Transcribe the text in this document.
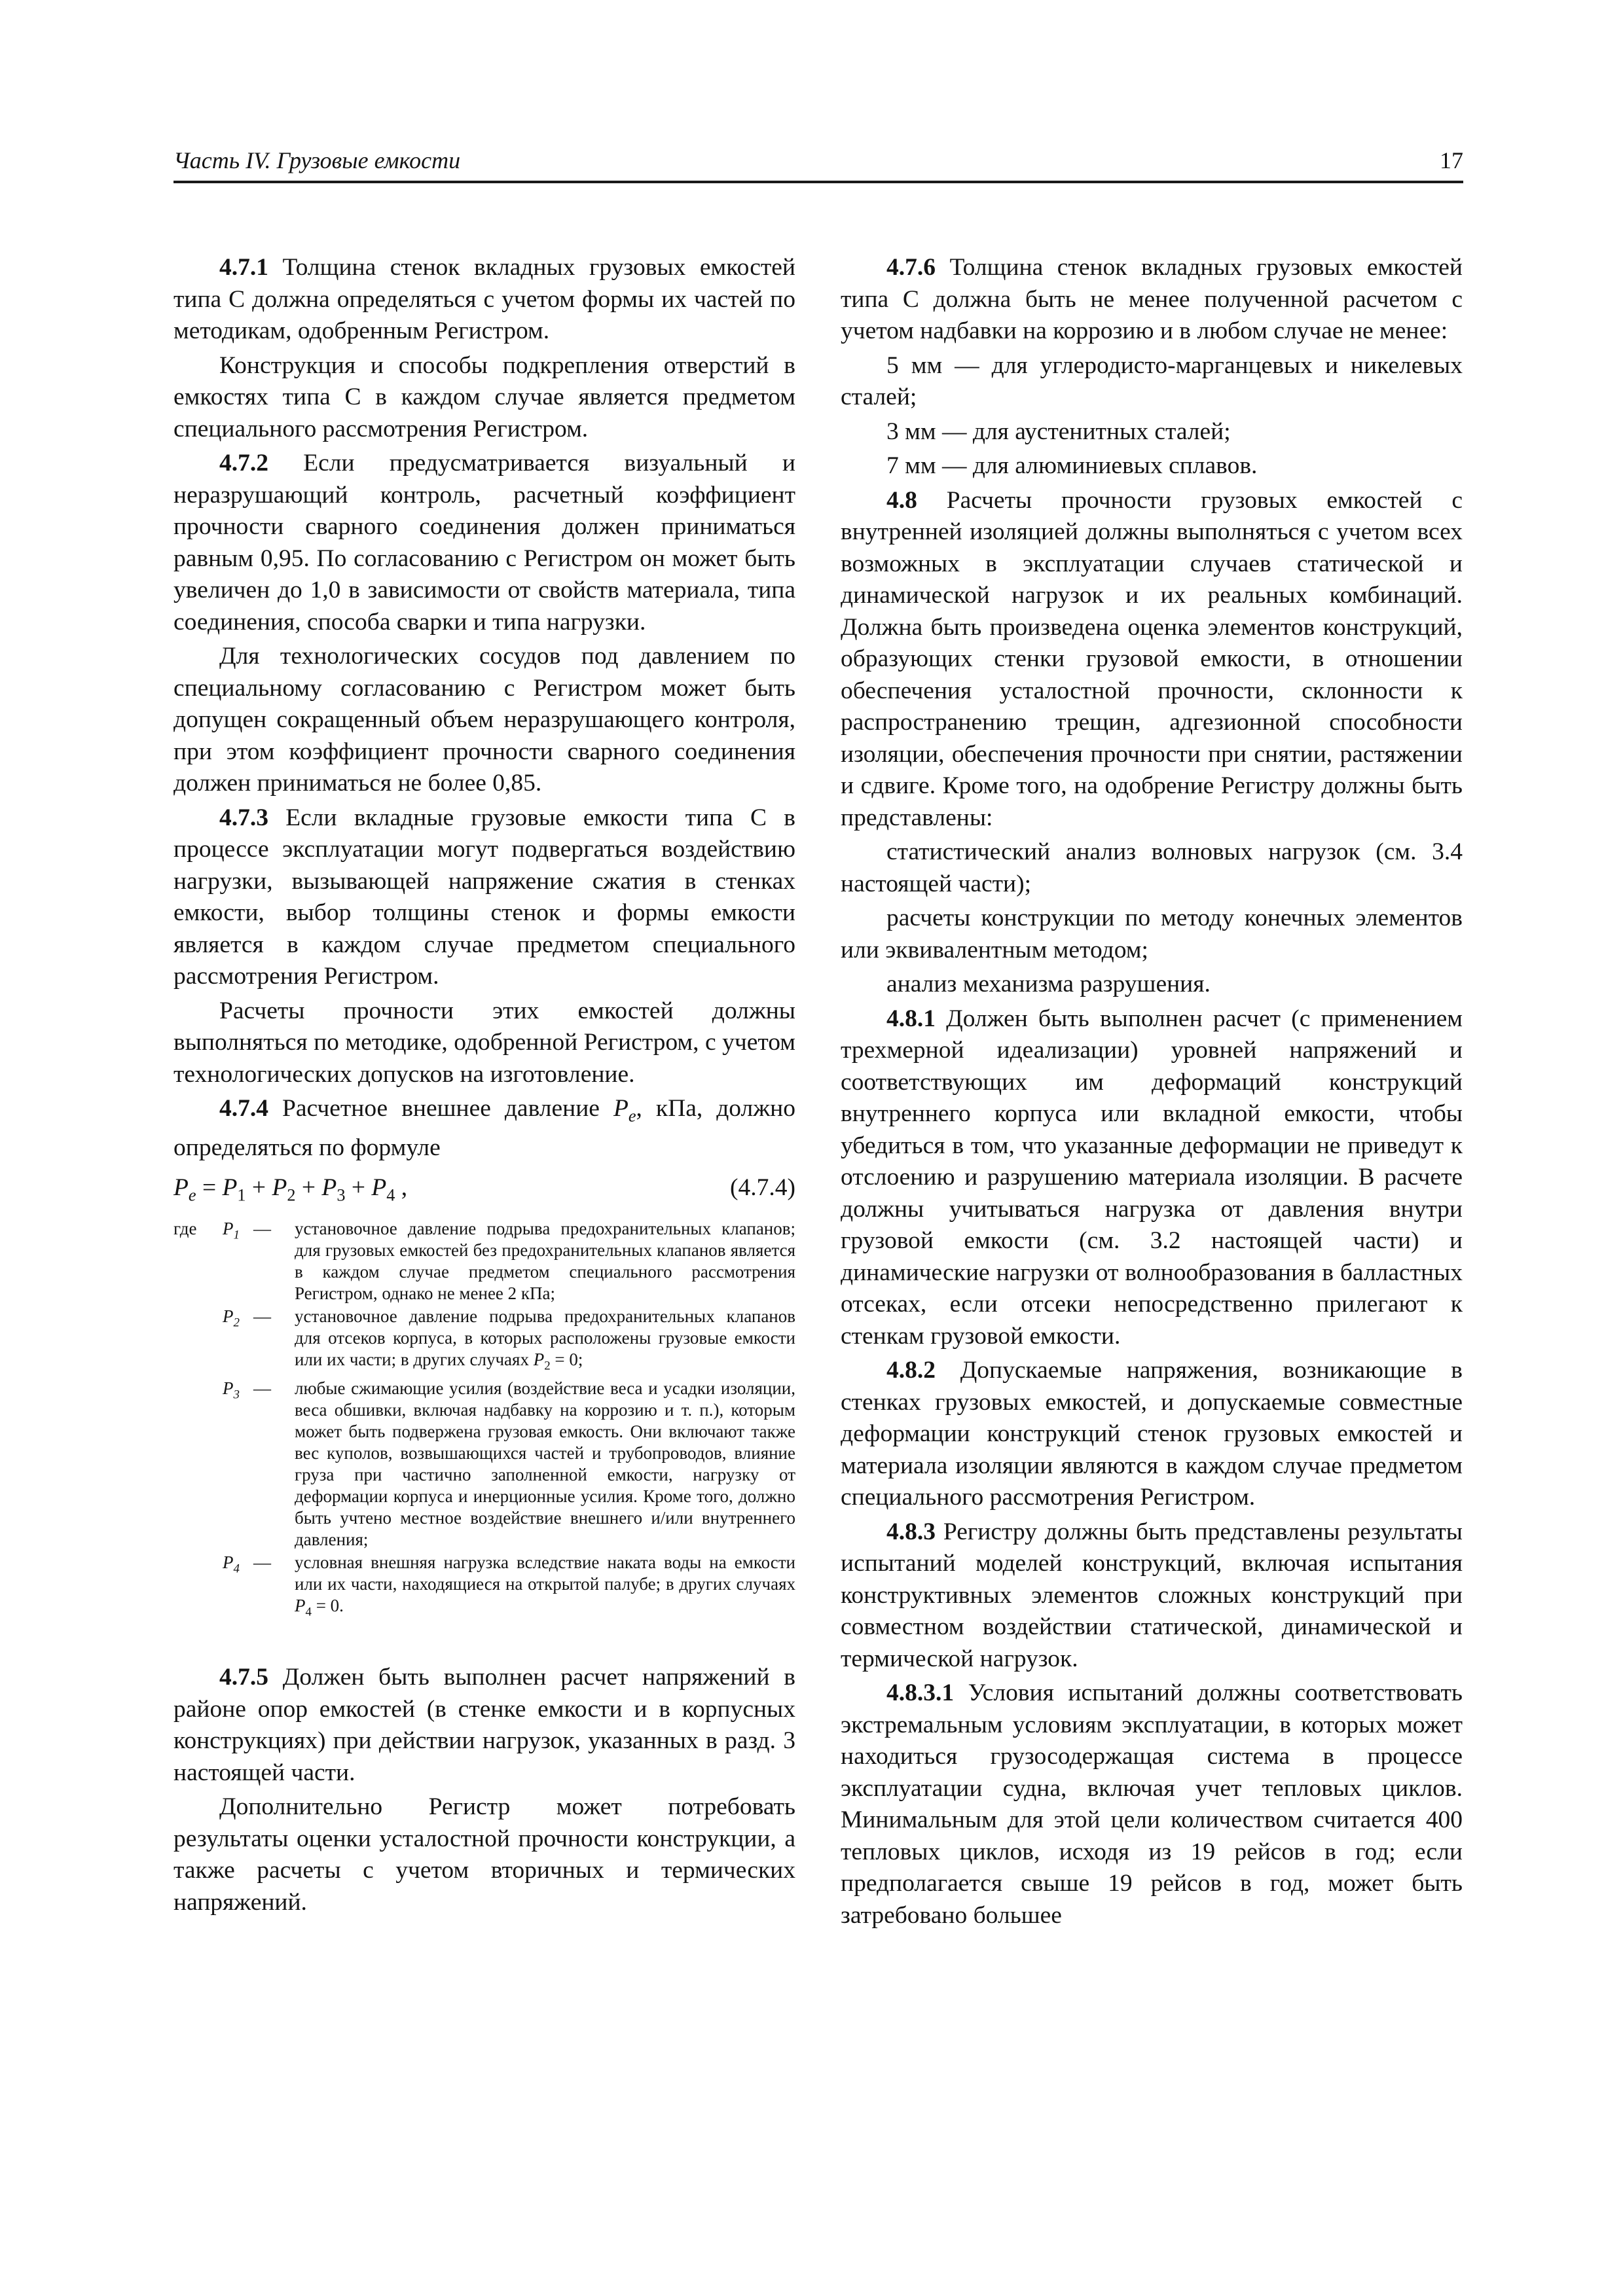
Часть IV. Грузовые емкости	17

4.7.1 Толщина стенок вкладных грузовых емкостей типа C должна определяться с учетом формы их частей по методикам, одобренным Регистром.

Конструкция и способы подкрепления отверстий в емкостях типа C в каждом случае является предметом специального рассмотрения Регистром.

4.7.2 Если предусматривается визуальный и неразрушающий контроль, расчетный коэффициент прочности сварного соединения должен приниматься равным 0,95. По согласованию с Регистром он может быть увеличен до 1,0 в зависимости от свойств материала, типа соединения, способа сварки и типа нагрузки.

Для технологических сосудов под давлением по специальному согласованию с Регистром может быть допущен сокращенный объем неразрушающего контроля, при этом коэффициент прочности сварного соединения должен приниматься не более 0,85.

4.7.3 Если вкладные грузовые емкости типа C в процессе эксплуатации могут подвергаться воздействию нагрузки, вызывающей напряжение сжатия в стенках емкости, выбор толщины стенок и формы емкости является в каждом случае предметом специального рассмотрения Регистром.

Расчеты прочности этих емкостей должны выполняться по методике, одобренной Регистром, с учетом технологических допусков на изготовление.

4.7.4 Расчетное внешнее давление $P_e$, кПа, должно определяться по формуле

$P_e = P_1 + P_2 + P_3 + P_4$ ,	(4.7.4)
где $P_1$ — установочное давление подрыва предохранительных клапанов; для грузовых емкостей без предохранительных клапанов является в каждом случае предметом специального рассмотрения Регистром, однако не менее 2 кПа;
$P_2$ — установочное давление подрыва предохранительных клапанов для отсеков корпуса, в которых расположены грузовые емкости или их части; в других случаях $P_2 = 0$;
$P_3$ — любые сжимающие усилия (воздействие веса и усадки изоляции, веса обшивки, включая надбавку на коррозию и т. п.), которым может быть подвержена грузовая емкость. Они включают также вес куполов, возвышающихся частей и трубопроводов, влияние груза при частично заполненной емкости, нагрузку от деформации корпуса и инерционные усилия. Кроме того, должно быть учтено местное воздействие внешнего и/или внутреннего давления;
$P_4$ — условная внешняя нагрузка вследствие наката воды на емкости или их части, находящиеся на открытой палубе; в других случаях $P_4 = 0$.

4.7.5 Должен быть выполнен расчет напряжений в районе опор емкостей (в стенке емкости и в корпусных конструкциях) при действии нагрузок, указанных в разд. 3 настоящей части.

Дополнительно Регистр может потребовать результаты оценки усталостной прочности конструкции, а также расчеты с учетом вторичных и термических напряжений.

4.7.6 Толщина стенок вкладных грузовых емкостей типа C должна быть не менее полученной расчетом с учетом надбавки на коррозию и в любом случае не менее:

5 мм — для углеродисто-марганцевых и никелевых сталей;

3 мм — для аустенитных сталей;

7 мм — для алюминиевых сплавов.

4.8 Расчеты прочности грузовых емкостей с внутренней изоляцией должны выполняться с учетом всех возможных в эксплуатации случаев статической и динамической нагрузок и их реальных комбинаций. Должна быть произведена оценка элементов конструкций, образующих стенки грузовой емкости, в отношении обеспечения усталостной прочности, склонности к распространению трещин, адгезионной способности изоляции, обеспечения прочности при снятии, растяжении и сдвиге. Кроме того, на одобрение Регистру должны быть представлены:

статистический анализ волновых нагрузок (см. 3.4 настоящей части);

расчеты конструкции по методу конечных элементов или эквивалентным методом;

анализ механизма разрушения.

4.8.1 Должен быть выполнен расчет (с применением трехмерной идеализации) уровней напряжений и соответствующих им деформаций конструкций внутреннего корпуса или вкладной емкости, чтобы убедиться в том, что указанные деформации не приведут к отслоению и разрушению материала изоляции. В расчете должны учитываться нагрузка от давления внутри грузовой емкости (см. 3.2 настоящей части) и динамические нагрузки от волнообразования в балластных отсеках, если отсеки непосредственно прилегают к стенкам грузовой емкости.

4.8.2 Допускаемые напряжения, возникающие в стенках грузовых емкостей, и допускаемые совместные деформации конструкций стенок грузовых емкостей и материала изоляции являются в каждом случае предметом специального рассмотрения Регистром.

4.8.3 Регистру должны быть представлены результаты испытаний моделей конструкций, включая испытания конструктивных элементов сложных конструкций при совместном воздействии статической, динамической и термической нагрузок.

4.8.3.1 Условия испытаний должны соответствовать экстремальным условиям эксплуатации, в которых может находиться грузосодержащая система в процессе эксплуатации судна, включая учет тепловых циклов. Минимальным для этой цели количеством считается 400 тепловых циклов, исходя из 19 рейсов в год; если предполагается свыше 19 рейсов в год, может быть затребовано большее
